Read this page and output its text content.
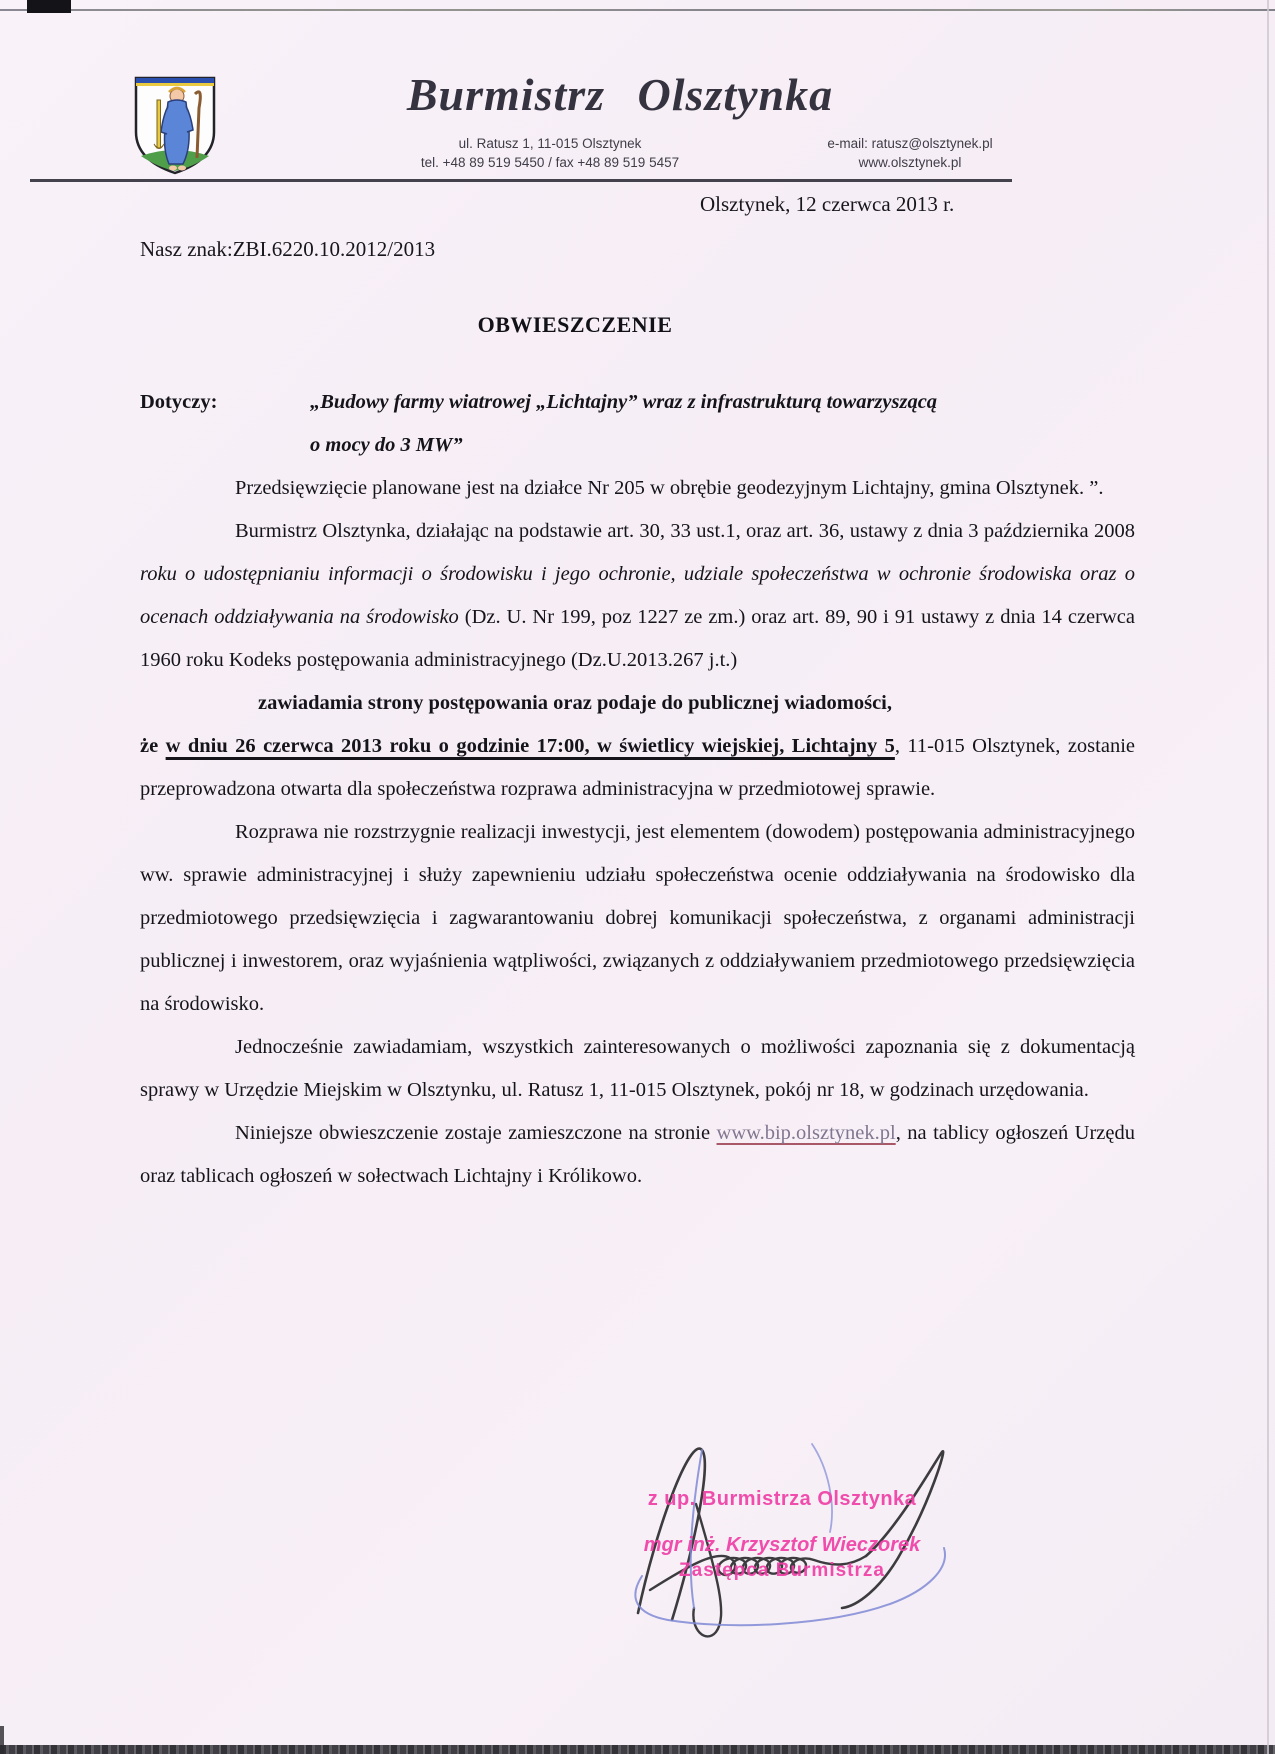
Burmistrz Olsztynka
ul. Ratusz 1, 11-015 Olsztynek
tel. +48 89 519 5450 / fax +48 89 519 5457
e-mail: ratusz@olsztynek.pl
www.olsztynek.pl
Olsztynek, 12 czerwca 2013 r.
Nasz znak:ZBI.6220.10.2012/2013
OBWIESZCZENIE
Dotyczy:	„Budowy farmy wiatrowej „Lichtajny” wraz z infrastrukturą towarzyszącą
o mocy do 3 MW”

Przedsięwzięcie planowane jest na działce Nr 205 w obrębie geodezyjnym Lichtajny, gmina Olsztynek. ”.

Burmistrz Olsztynka, działając na podstawie art. 30, 33 ust.1, oraz art. 36, ustawy z dnia 3 października 2008 roku o udostępnianiu informacji o środowisku i jego ochronie, udziale społeczeństwa w ochronie środowiska oraz o ocenach oddziaływania na środowisko (Dz. U. Nr 199, poz 1227 ze zm.) oraz art. 89, 90 i 91 ustawy z dnia 14 czerwca 1960 roku Kodeks postępowania administracyjnego (Dz.U.2013.267 j.t.)

zawiadamia strony postępowania oraz podaje do publicznej wiadomości,

że w dniu 26 czerwca 2013 roku o godzinie 17:00, w świetlicy wiejskiej, Lichtajny 5, 11-015 Olsztynek, zostanie przeprowadzona otwarta dla społeczeństwa rozprawa administracyjna w przedmiotowej sprawie.

Rozprawa nie rozstrzygnie realizacji inwestycji, jest elementem (dowodem) postępowania administracyjnego ww. sprawie administracyjnej i służy zapewnieniu udziału społeczeństwa ocenie oddziaływania na środowisko dla przedmiotowego przedsięwzięcia i zagwarantowaniu dobrej komunikacji społeczeństwa, z organami administracji publicznej i inwestorem, oraz wyjaśnienia wątpliwości, związanych z oddziaływaniem przedmiotowego przedsięwzięcia na środowisko.

Jednocześnie zawiadamiam, wszystkich zainteresowanych o możliwości zapoznania się z dokumentacją sprawy w Urzędzie Miejskim w Olsztynku, ul. Ratusz 1, 11-015 Olsztynek, pokój nr 18, w godzinach urzędowania.

Niniejsze obwieszczenie zostaje zamieszczone na stronie www.bip.olsztynek.pl, na tablicy ogłoszeń Urzędu oraz tablicach ogłoszeń w sołectwach Lichtajny i Królikowo.

z up. Burmistrza Olsztynka
mgr inż. Krzysztof Wieczorek
Zastępca Burmistrza
